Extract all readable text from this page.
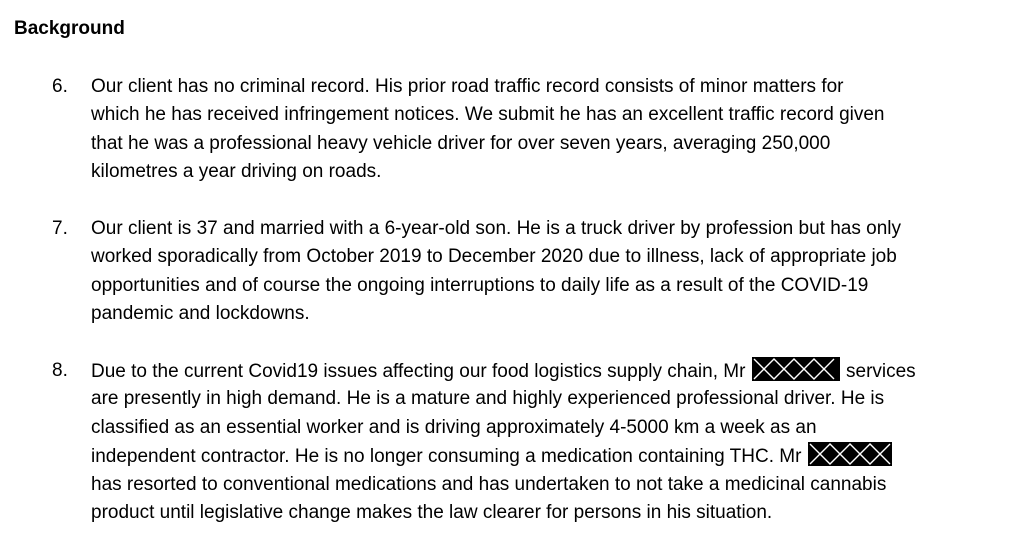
Background
6. Our client has no criminal record. His prior road traffic record consists of minor matters for
which he has received infringement notices. We submit he has an excellent traffic record given
that he was a professional heavy vehicle driver for over seven years, averaging 250,000
kilometres a year driving on roads.
7. Our client is 37 and married with a 6-year-old son. He is a truck driver by profession but has only
worked sporadically from October 2019 to December 2020 due to illness, lack of appropriate job
opportunities and of course the ongoing interruptions to daily life as a result of the COVID-19
pandemic and lockdowns.
8. Due to the current Covid19 issues affecting our food logistics supply chain, Mr	services
are presently in high demand. He is a mature and highly experienced professional driver. He is
classified as an essential worker and is driving approximately 4-5000 km a week as an
independent contractor. He is no longer consuming a medication containing THC. Mr
has resorted to conventional medications and has undertaken to not take a medicinal cannabis
product until legislative change makes the law clearer for persons in his situation.
